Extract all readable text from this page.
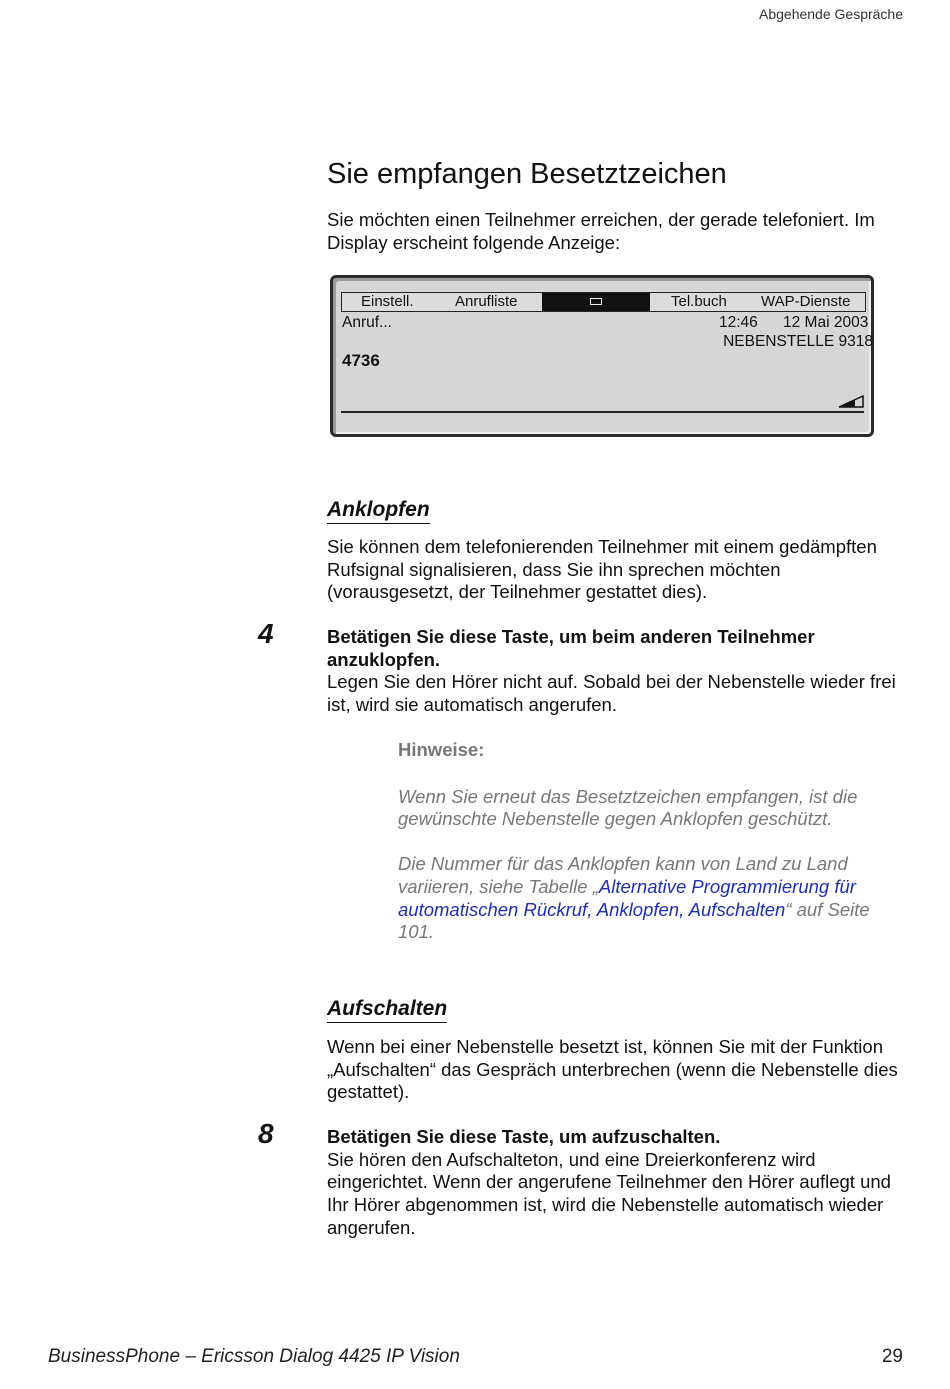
Abgehende Gespräche
Sie empfangen Besetztzeichen

Sie möchten einen Teilnehmer erreichen, der gerade telefoniert. Im Display erscheint folgende Anzeige:

Einstell.	Anrufliste	Tel.buch WAP-Dienste
Anruf...	12:46 12 Mai 2003
NEBENSTELLE 9318
4736
Anklopfen

Sie können dem telefonierenden Teilnehmer mit einem gedämpften Rufsignal signalisieren, dass Sie ihn sprechen möchten (vorausgesetzt, der Teilnehmer gestattet dies).

4	Betätigen Sie diese Taste, um beim anderen Teilnehmer anzuklopfen.
Legen Sie den Hörer nicht auf. Sobald bei der Nebenstelle wieder frei ist, wird sie automatisch angerufen.

Hinweise:

Wenn Sie erneut das Besetztzeichen empfangen, ist die gewünschte Nebenstelle gegen Anklopfen geschützt.

Die Nummer für das Anklopfen kann von Land zu Land variieren, siehe Tabelle „Alternative Programmierung für automatischen Rückruf, Anklopfen, Aufschalten“ auf Seite 101.

Aufschalten

Wenn bei einer Nebenstelle besetzt ist, können Sie mit der Funktion „Aufschalten“ das Gespräch unterbrechen (wenn die Nebenstelle dies gestattet).

8	Betätigen Sie diese Taste, um aufzuschalten.
Sie hören den Aufschalteton, und eine Dreierkonferenz wird eingerichtet. Wenn der angerufene Teilnehmer den Hörer auflegt und Ihr Hörer abgenommen ist, wird die Nebenstelle automatisch wieder angerufen.
BusinessPhone – Ericsson Dialog 4425 IP Vision	29
